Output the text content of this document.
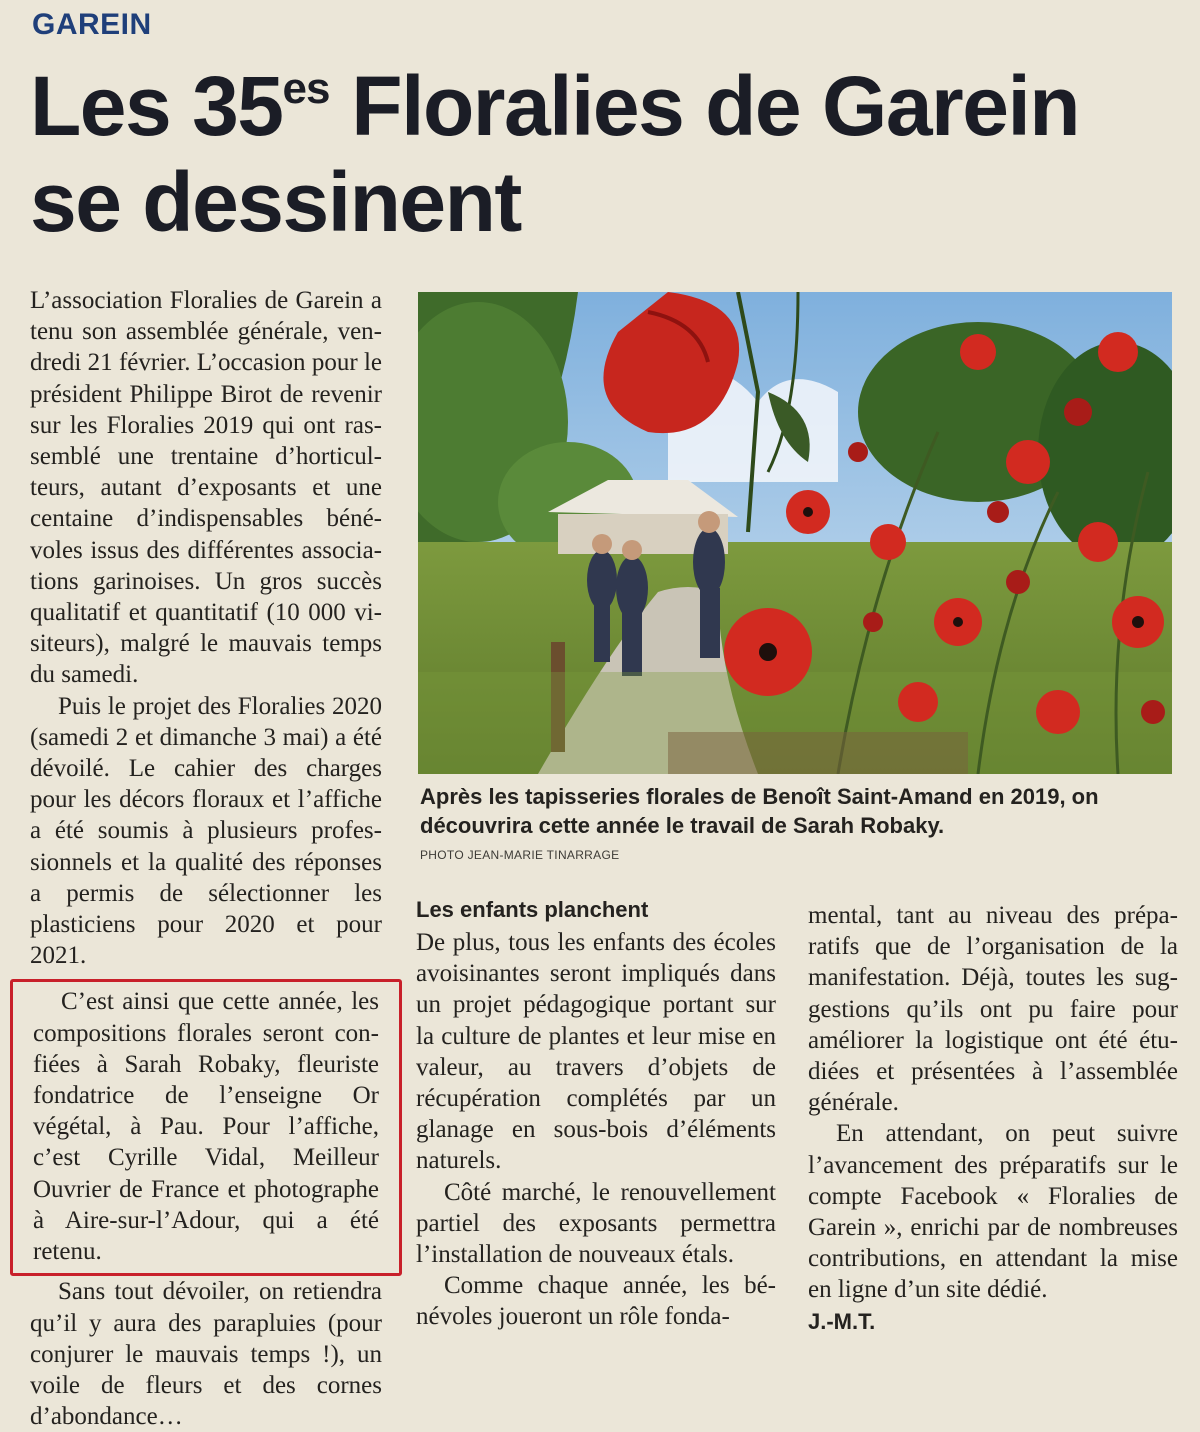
GAREIN
Les $35^{es}$ Floralies de Garein se dessinent

L’association Floralies de Garein a tenu son assemblée générale, vendredi 21 février. L’occasion pour le président Philippe Birot de revenir sur les Floralies 2019 qui ont rassemblé une trentaine d’horticulteurs, autant d’exposants et une centaine d’indispensables bénévoles issus des différentes associations garinoises. Un gros succès qualitatif et quantitatif (10 000 visiteurs), malgré le mauvais temps du samedi.

Puis le projet des Floralies 2020 (samedi 2 et dimanche 3 mai) a été dévoilé. Le cahier des charges pour les décors floraux et l’affiche a été soumis à plusieurs professionnels et la qualité des réponses a permis de sélectionner les plasticiens pour 2020 et pour 2021.

C’est ainsi que cette année, les compositions florales seront confiées à Sarah Robaky, fleuriste fondatrice de l’enseigne Or végétal, à Pau. Pour l’affiche, c’est Cyrille Vidal, Meilleur Ouvrier de France et photographe à Aire-sur-l’Adour, qui a été retenu.

Sans tout dévoiler, on retiendra qu’il y aura des parapluies (pour conjurer le mauvais temps !), un voile de fleurs et des cornes d’abondance…

Après les tapisseries florales de Benoît Saint-Amand en 2019, on découvrira cette année le travail de Sarah Robaky.
PHOTO JEAN-MARIE TINARRAGE
Les enfants planchent

De plus, tous les enfants des écoles avoisinantes seront impliqués dans un projet pédagogique portant sur la culture de plantes et leur mise en valeur, au travers d’objets de récupération complétés par un glanage en sous-bois d’éléments naturels.

Côté marché, le renouvellement partiel des exposants permettra l’installation de nouveaux étals.

Comme chaque année, les bénévoles joueront un rôle fonda-

mental, tant au niveau des préparatifs que de l’organisation de la manifestation. Déjà, toutes les suggestions qu’ils ont pu faire pour améliorer la logistique ont été étudiées et présentées à l’assemblée générale.

En attendant, on peut suivre l’avancement des préparatifs sur le compte Facebook « Floralies de Garein », enrichi par de nombreuses contributions, en attendant la mise en ligne d’un site dédié.

J.-M.T.
